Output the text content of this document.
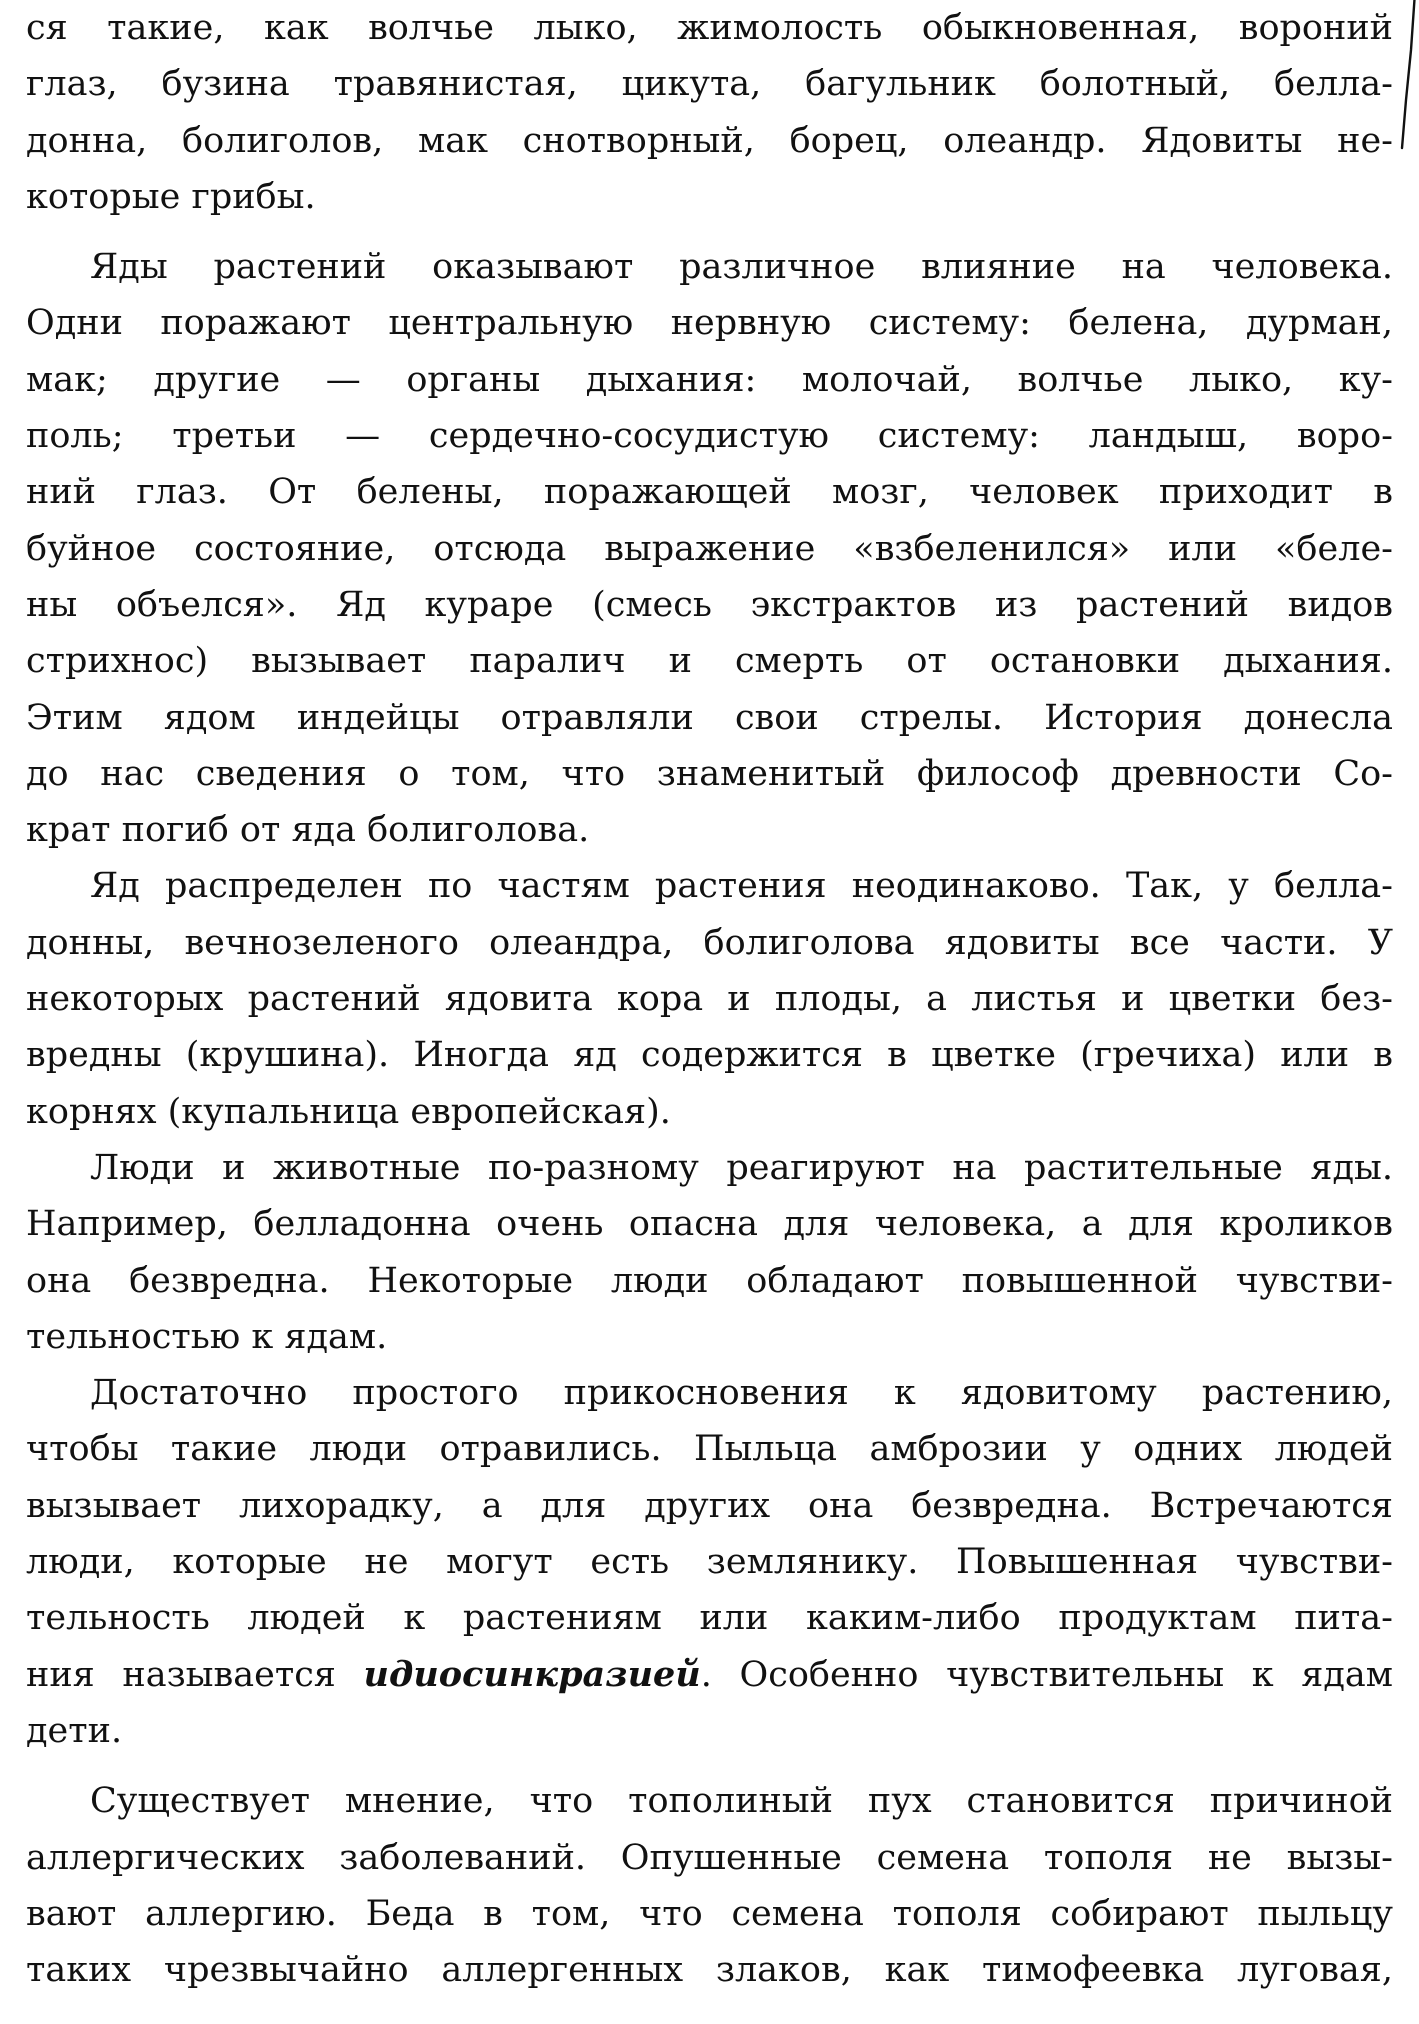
ся такие, как волчье лыко, жимолость обыкновенная, вороний
глаз, бузина травянистая, цикута, багульник болотный, белла-
донна, болиголов, мак снотворный, борец, олеандр. Ядовиты не-
которые грибы.
Яды растений оказывают различное влияние на человека.
Одни поражают центральную нервную систему: белена, дурман,
мак; другие — органы дыхания: молочай, волчье лыко, ку-
поль; третьи — сердечно-сосудистую систему: ландыш, воро-
ний глаз. От белены, поражающей мозг, человек приходит в
буйное состояние, отсюда выражение «взбеленился» или «беле-
ны объелся». Яд кураре (смесь экстрактов из растений видов
стрихнос) вызывает паралич и смерть от остановки дыхания.
Этим ядом индейцы отравляли свои стрелы. История донесла
до нас сведения о том, что знаменитый философ древности Со-
крат погиб от яда болиголова.
Яд распределен по частям растения неодинаково. Так, у белла-
донны, вечнозеленого олеандра, болиголова ядовиты все части. У
некоторых растений ядовита кора и плоды, а листья и цветки без-
вредны (крушина). Иногда яд содержится в цветке (гречиха) или в
корнях (купальница европейская).
Люди и животные по-разному реагируют на растительные яды.
Например, белладонна очень опасна для человека, а для кроликов
она безвредна. Некоторые люди обладают повышенной чувстви-
тельностью к ядам.
Достаточно простого прикосновения к ядовитому растению,
чтобы такие люди отравились. Пыльца амброзии у одних людей
вызывает лихорадку, а для других она безвредна. Встречаются
люди, которые не могут есть землянику. Повышенная чувстви-
тельность людей к растениям или каким-либо продуктам пита-
ния называется идиосинкразией. Особенно чувствительны к ядам
дети.
Существует мнение, что тополиный пух становится причиной
аллергических заболеваний. Опушенные семена тополя не вызы-
вают аллергию. Беда в том, что семена тополя собирают пыльцу
таких чрезвычайно аллергенных злаков, как тимофеевка луговая,
